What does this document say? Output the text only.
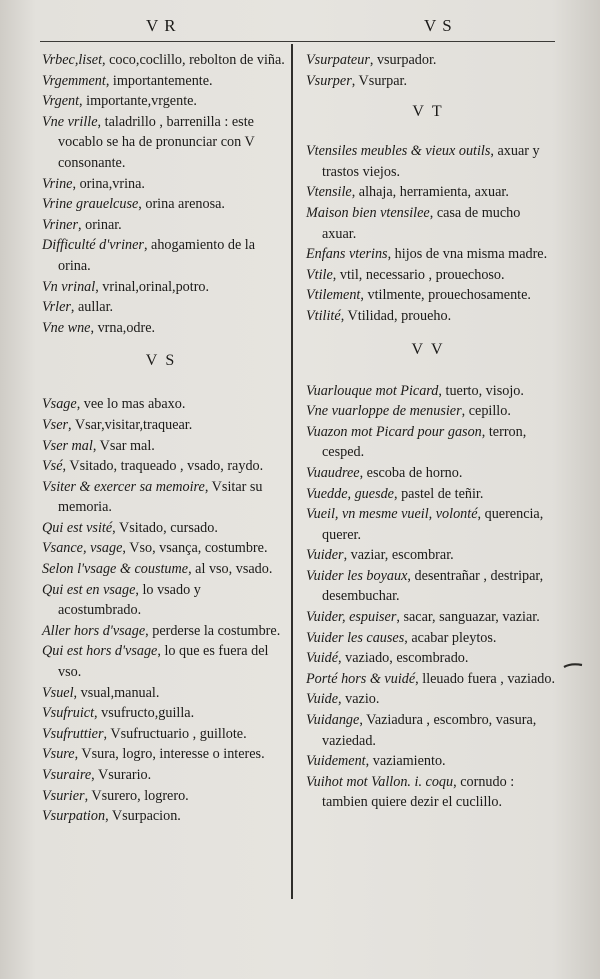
VR	VS

Vrbec,liset, coco,coclillo, rebolton de viña.

Vrgemment, importantemente.

Vrgent, importante,vrgente.

Vne vrille, taladrillo , barrenilla : este vocablo se ha de pronunciar con V consonante.

Vrine, orina,vrina.

Vrine grauelcuse, orina arenosa.

Vriner, orinar.

Difficulté d'vriner, ahogamiento de la orina.

Vn vrinal, vrinal,orinal,potro.

Vrler, aullar.

Vne wne, vrna,odre.

VS

Vsage, vee lo mas abaxo.

Vser, Vsar,visitar,traquear.

Vser mal, Vsar mal.

Vsé, Vsitado, traqueado , vsado, raydo.

Vsiter & exercer sa memoire, Vsitar su memoria.

Qui est vsité, Vsitado, cursado.

Vsance, vsage, Vso, vsança, costumbre.

Selon l'vsage & coustume, al vso, vsado.

Qui est en vsage, lo vsado y acostumbrado.

Aller hors d'vsage, perderse la costumbre.

Qui est hors d'vsage, lo que es fuera del vso.

Vsuel, vsual,manual.

Vsufruict, vsufructo,guilla.

Vsufruttier, Vsufructuario , guillote.

Vsure, Vsura, logro, interesse o interes.

Vsuraire, Vsurario.

Vsurier, Vsurero, logrero.

Vsurpation, Vsurpacion.

Vsurpateur, vsurpador.

Vsurper, Vsurpar.

VT

Vtensiles meubles & vieux outils, axuar y trastos viejos.

Vtensile, alhaja, herramienta, axuar.

Maison bien vtensilee, casa de mucho axuar.

Enfans vterins, hijos de vna misma madre.

Vtile, vtil, necessario , prouechoso.

Vtilement, vtilmente, prouechosamente.

Vtilité, Vtilidad, proueho.

VV

Vuarlouque mot Picard, tuerto, visojo.

Vne vuarloppe de menusier, cepillo.

Vuazon mot Picard pour gason, terron, cesped.

Vuaudree, escoba de horno.

Vuedde, guesde, pastel de teñir.

Vueil, vn mesme vueil, volonté, querencia, querer.

Vuider, vaziar, escombrar.

Vuider les boyaux, desentrañar , destripar, desembuchar.

Vuider, espuiser, sacar, sanguazar, vaziar.

Vuider les causes, acabar pleytos.

Vuidé, vaziado, escombrado.

Porté hors & vuidé, lleuado fuera , vaziado.

Vuide, vazio.

Vuidange, Vaziadura , escombro, vasura, vaziedad.

Vuidement, vaziamiento.

Vuihot mot Vallon. i. coqu, cornudo : tambien quiere dezir el cuclillo.
